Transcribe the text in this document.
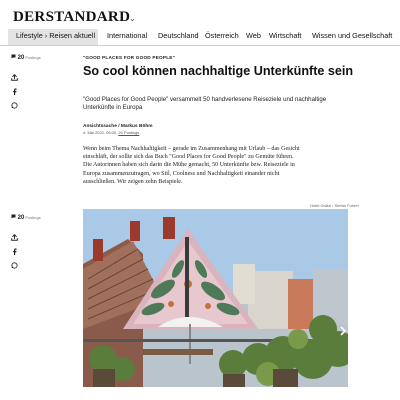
DERSTANDARD
⌄
Lifestyle › Reisen aktuell International Deutschland Österreich Web Wirtschaft Wissen und Gesellschaft
20Postings
20Postings
"GOOD PLACES FOR GOOD PEOPLE"
So cool können nachhaltige Unterkünfte sein
"Good Places for Good People" versammelt 50 handverlesene Reiseziele und nachhaltige Unterkünfte in Europa
Ansichtssache / Markus Böhm
4. Mai 2022, 06:00, 20 Postings
Wenn beim Thema Nachhaltigkeit – gerade im Zusammenhang mit Urlaub – das Gesicht einschläft, der sollte sich das Buch "Good Places for Good People" zu Gemüte führen. Die Autorinnen haben sich darin die Mühe gemacht, 50 Unterkünfte bzw. Reiseziele in Europa zusammenzutragen, wo Stil, Coolness und Nachhaltigkeit einander nicht ausschließen. Wir zeigen zehn Beispiele.
Hotel Grätzl / Stefan Fuhrer
